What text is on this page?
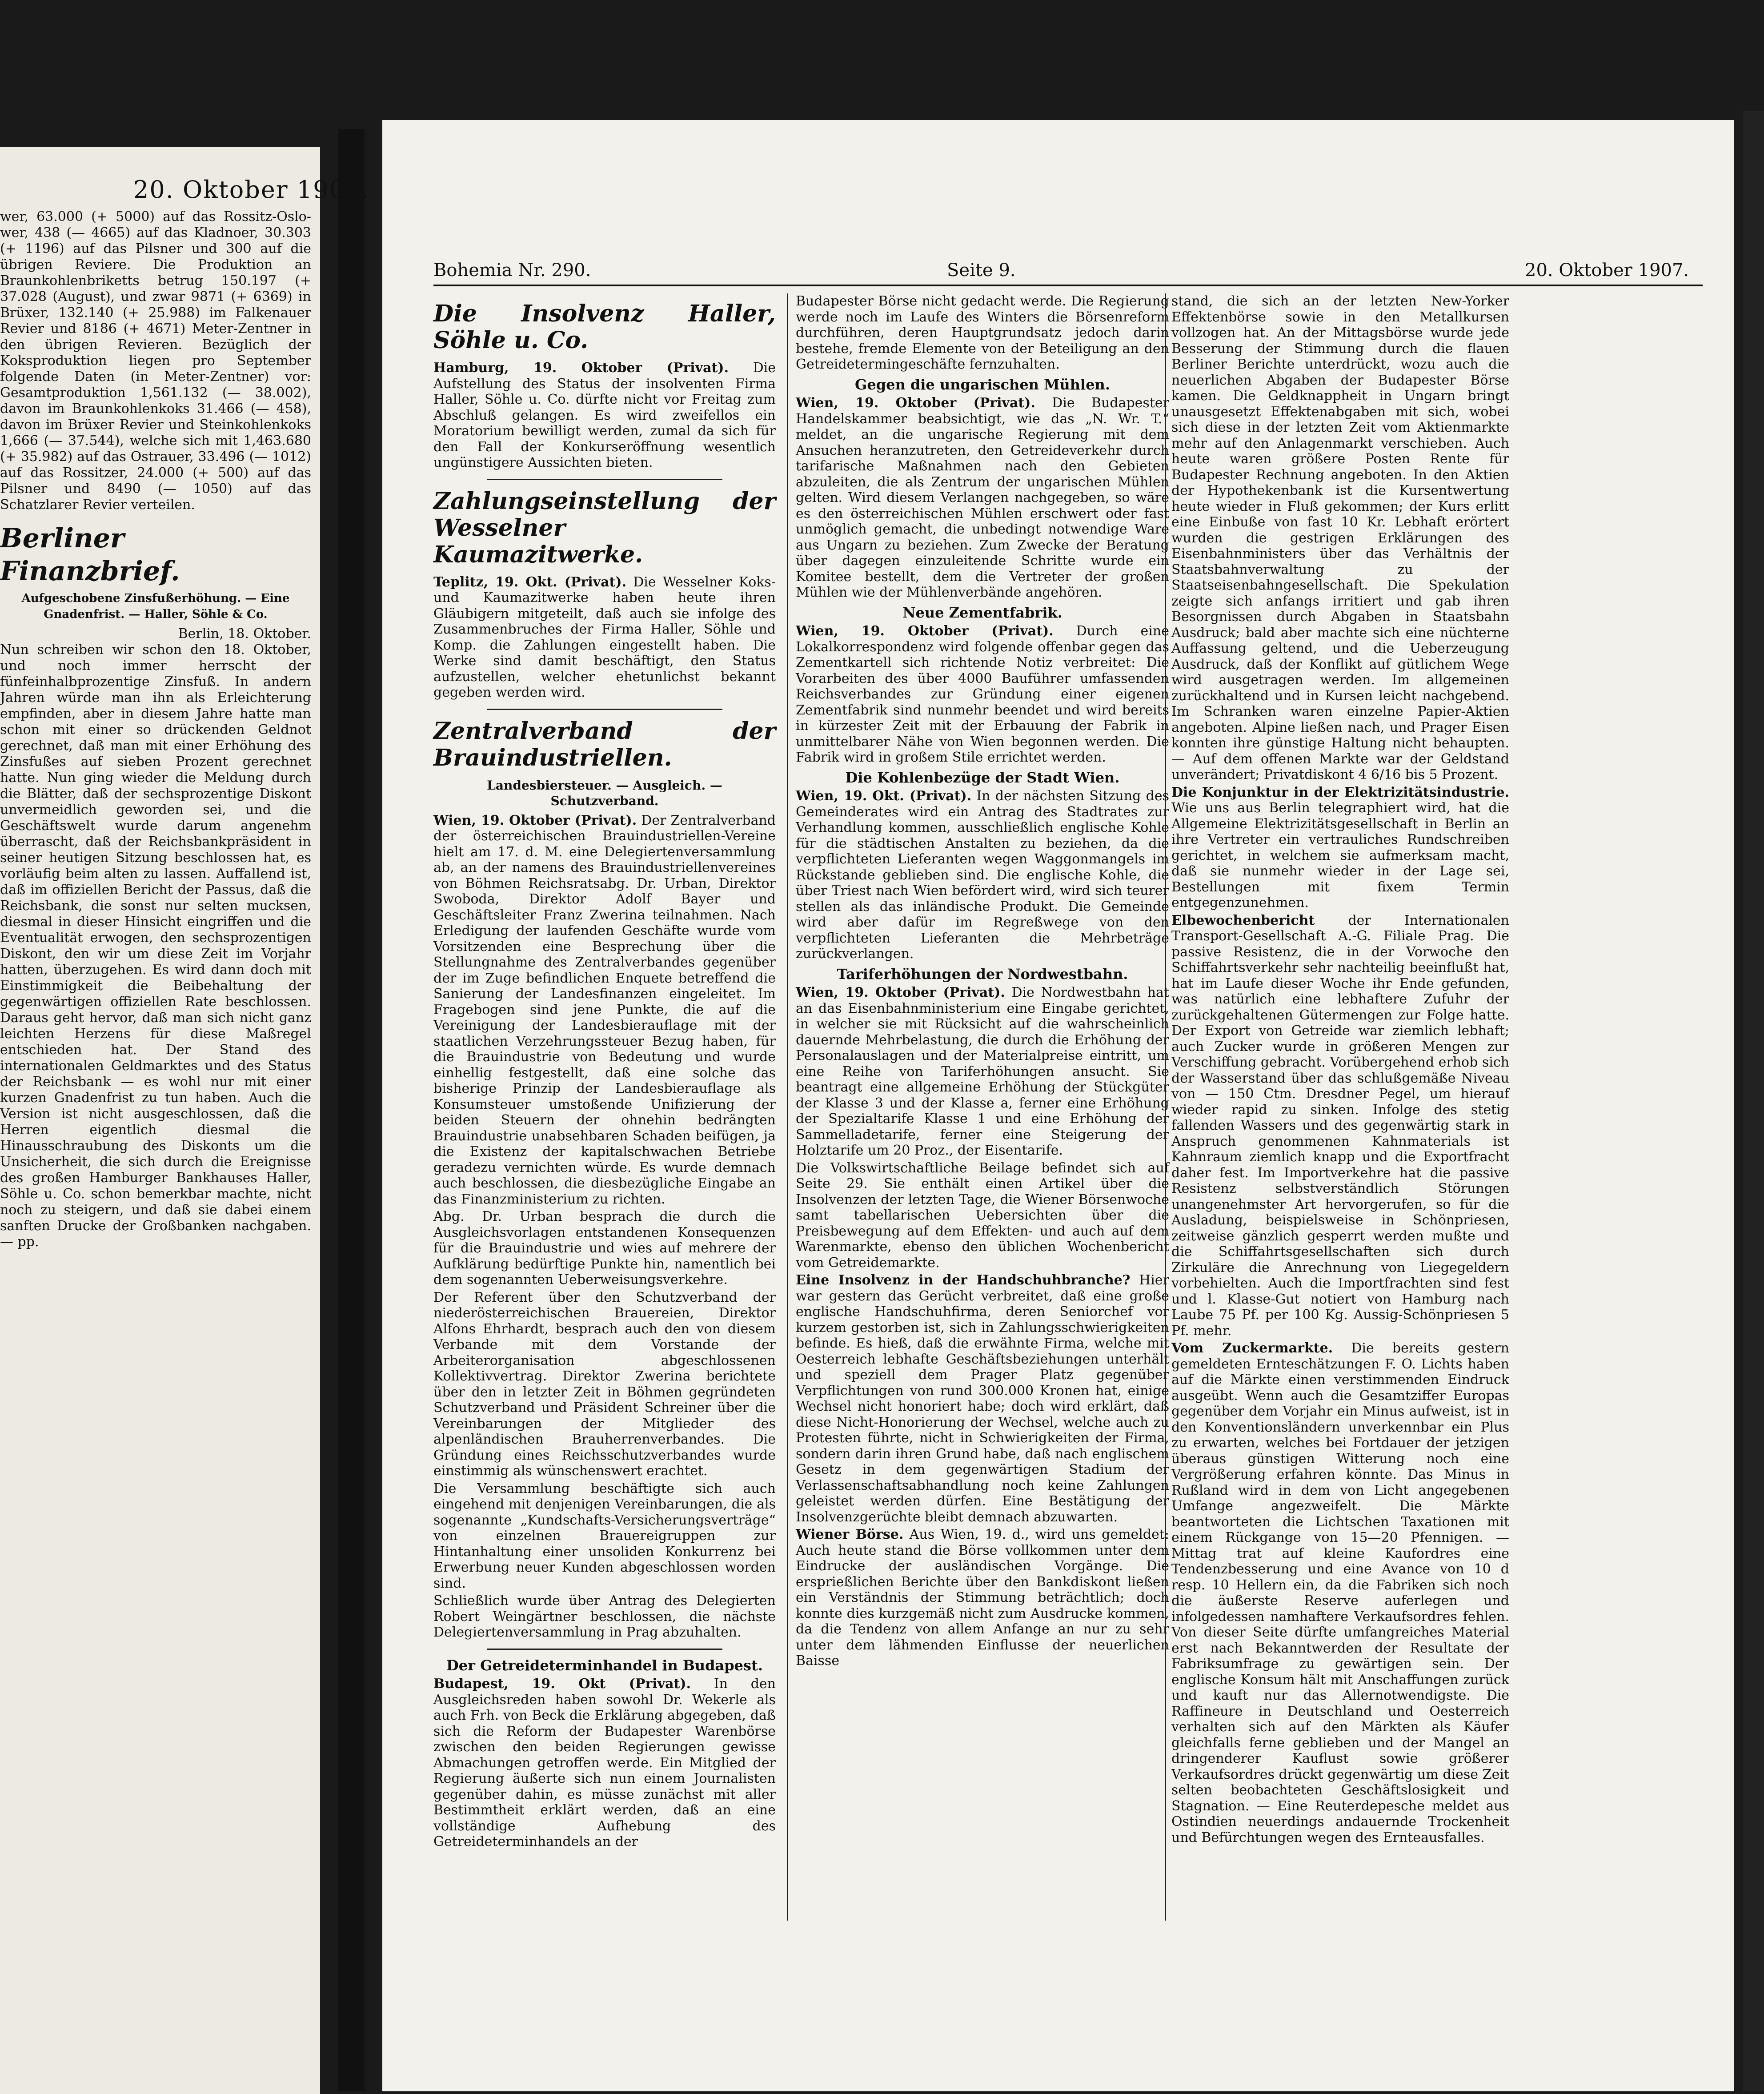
20. Oktober 1907.

wer, 63.000 (+ 5000) auf das Rossitz-Oslo-wer, 438 (— 4665) auf das Kladnoer, 30.303 (+ 1196) auf das Pilsner und 300 auf die übrigen Reviere. Die Produktion an Braunkohlenbriketts betrug 150.197 (+ 37.028 (August), und zwar 9871 (+ 6369) in Brüxer, 132.140 (+ 25.988) im Falkenauer Revier und 8186 (+ 4671) Meter-Zentner in den übrigen Revieren. Bezüglich der Koksproduktion liegen pro September folgende Daten (in Meter-Zentner) vor: Gesamtproduktion 1,561.132 (— 38.002), davon im Braunkohlenkoks 31.466 (— 458), davon im Brüxer Revier und Steinkohlenkoks 1,666 (— 37.544), welche sich mit 1,463.680 (+ 35.982) auf das Ostrauer, 33.496 (— 1012) auf das Rossitzer, 24.000 (+ 500) auf das Pilsner und 8490 (— 1050) auf das Schatzlarer Revier verteilen.

Berliner Finanzbrief.
Aufgeschobene Zinsfußerhöhung. — Eine Gnadenfrist. — Haller, Söhle & Co.
Berlin, 18. Oktober.

Nun schreiben wir schon den 18. Oktober, und noch immer herrscht der fünfeinhalbprozentige Zinsfuß. In andern Jahren würde man ihn als Erleichterung empfinden, aber in diesem Jahre hatte man schon mit einer so drückenden Geldnot gerechnet, daß man mit einer Erhöhung des Zinsfußes auf sieben Prozent gerechnet hatte. Nun ging wieder die Meldung durch die Blätter, daß der sechsprozentige Diskont unvermeidlich geworden sei, und die Geschäftswelt wurde darum angenehm überrascht, daß der Reichsbankpräsident in seiner heutigen Sitzung beschlossen hat, es vorläufig beim alten zu lassen. Auffallend ist, daß im offiziellen Bericht der Passus, daß die Reichsbank, die sonst nur selten mucksen, diesmal in dieser Hinsicht eingriffen und die Eventualität erwogen, den sechsprozentigen Diskont, den wir um diese Zeit im Vorjahr hatten, überzugehen. Es wird dann doch mit Einstimmigkeit die Beibehaltung der gegenwärtigen offiziellen Rate beschlossen. Daraus geht hervor, daß man sich nicht ganz leichten Herzens für diese Maßregel entschieden hat. Der Stand des internationalen Geldmarktes und des Status der Reichsbank — es wohl nur mit einer kurzen Gnadenfrist zu tun haben. Auch die Version ist nicht ausgeschlossen, daß die Herren eigentlich diesmal die Hinausschraubung des Diskonts um die Unsicherheit, die sich durch die Ereignisse des großen Hamburger Bankhauses Haller, Söhle u. Co. schon bemerkbar machte, nicht noch zu steigern, und daß sie dabei einem sanften Drucke der Großbanken nachgaben. — pp.

Bohemia Nr. 290.	Seite 9.	20. Oktober 1907.
Die Insolvenz Haller, Söhle u. Co.

Hamburg, 19. Oktober (Privat). Die Aufstellung des Status der insolventen Firma Haller, Söhle u. Co. dürfte nicht vor Freitag zum Abschluß gelangen. Es wird zweifellos ein Moratorium bewilligt werden, zumal da sich für den Fall der Konkurseröffnung wesentlich ungünstigere Aussichten bieten.

Zahlungseinstellung der Wesselner Kaumazitwerke.

Teplitz, 19. Okt. (Privat). Die Wesselner Koks- und Kaumazitwerke haben heute ihren Gläubigern mitgeteilt, daß auch sie infolge des Zusammenbruches der Firma Haller, Söhle und Komp. die Zahlungen eingestellt haben. Die Werke sind damit beschäftigt, den Status aufzustellen, welcher ehetunlichst bekannt gegeben werden wird.

Zentralverband der Brauindustriellen.
Landesbiersteuer. — Ausgleich. — Schutzverband.

Wien, 19. Oktober (Privat). Der Zentralverband der österreichischen Brauindustriellen-Vereine hielt am 17. d. M. eine Delegiertenversammlung ab, an der namens des Brauindustriellenvereines von Böhmen Reichsratsabg. Dr. Urban, Direktor Swoboda, Direktor Adolf Bayer und Geschäftsleiter Franz Zwerina teilnahmen. Nach Erledigung der laufenden Geschäfte wurde vom Vorsitzenden eine Besprechung über die Stellungnahme des Zentralverbandes gegenüber der im Zuge befindlichen Enquete betreffend die Sanierung der Landesfinanzen eingeleitet. Im Fragebogen sind jene Punkte, die auf die Vereinigung der Landesbierauflage mit der staatlichen Verzehrungssteuer Bezug haben, für die Brauindustrie von Bedeutung und wurde einhellig festgestellt, daß eine solche das bisherige Prinzip der Landesbierauflage als Konsumsteuer umstoßende Unifizierung der beiden Steuern der ohnehin bedrängten Brauindustrie unabsehbaren Schaden beifügen, ja die Existenz der kapitalschwachen Betriebe geradezu vernichten würde. Es wurde demnach auch beschlossen, die diesbezügliche Eingabe an das Finanzministerium zu richten.

Abg. Dr. Urban besprach die durch die Ausgleichsvorlagen entstandenen Konsequenzen für die Brauindustrie und wies auf mehrere der Aufklärung bedürftige Punkte hin, namentlich bei dem sogenannten Ueberweisungsverkehre.

Der Referent über den Schutzverband der niederösterreichischen Brauereien, Direktor Alfons Ehrhardt, besprach auch den von diesem Verbande mit dem Vorstande der Arbeiterorganisation abgeschlossenen Kollektivvertrag. Direktor Zwerina berichtete über den in letzter Zeit in Böhmen gegründeten Schutzverband und Präsident Schreiner über die Vereinbarungen der Mitglieder des alpenländischen Brauherrenverbandes. Die Gründung eines Reichsschutzverbandes wurde einstimmig als wünschenswert erachtet.

Die Versammlung beschäftigte sich auch eingehend mit denjenigen Vereinbarungen, die als sogenannte „Kundschafts-Versicherungsverträge“ von einzelnen Brauereigruppen zur Hintanhaltung einer unsoliden Konkurrenz bei Erwerbung neuer Kunden abgeschlossen worden sind.

Schließlich wurde über Antrag des Delegierten Robert Weingärtner beschlossen, die nächste Delegiertenversammlung in Prag abzuhalten.

Der Getreideterminhandel in Budapest.

Budapest, 19. Okt (Privat). In den Ausgleichsreden haben sowohl Dr. Wekerle als auch Frh. von Beck die Erklärung abgegeben, daß sich die Reform der Budapester Warenbörse zwischen den beiden Regierungen gewisse Abmachungen getroffen werde. Ein Mitglied der Regierung äußerte sich nun einem Journalisten gegenüber dahin, es müsse zunächst mit aller Bestimmtheit erklärt werden, daß an eine vollständige Aufhebung des Getreideterminhandels an der

Budapester Börse nicht gedacht werde. Die Regierung werde noch im Laufe des Winters die Börsenreform durchführen, deren Hauptgrundsatz jedoch darin bestehe, fremde Elemente von der Beteiligung an den Getreidetermingeschäfte fernzuhalten.

Gegen die ungarischen Mühlen.

Wien, 19. Oktober (Privat). Die Budapester Handelskammer beabsichtigt, wie das „N. Wr. T.“ meldet, an die ungarische Regierung mit dem Ansuchen heranzutreten, den Getreideverkehr durch tarifarische Maßnahmen nach den Gebieten abzuleiten, die als Zentrum der ungarischen Mühlen gelten. Wird diesem Verlangen nachgegeben, so wäre es den österreichischen Mühlen erschwert oder fast unmöglich gemacht, die unbedingt notwendige Ware aus Ungarn zu beziehen. Zum Zwecke der Beratung über dagegen einzuleitende Schritte wurde ein Komitee bestellt, dem die Vertreter der großen Mühlen wie der Mühlenverbände angehören.

Neue Zementfabrik.

Wien, 19. Oktober (Privat). Durch eine Lokalkorrespondenz wird folgende offenbar gegen das Zementkartell sich richtende Notiz verbreitet: Die Vorarbeiten des über 4000 Bauführer umfassenden Reichsverbandes zur Gründung einer eigenen Zementfabrik sind nunmehr beendet und wird bereits in kürzester Zeit mit der Erbauung der Fabrik in unmittelbarer Nähe von Wien begonnen werden. Die Fabrik wird in großem Stile errichtet werden.

Die Kohlenbezüge der Stadt Wien.

Wien, 19. Okt. (Privat). In der nächsten Sitzung des Gemeinderates wird ein Antrag des Stadtrates zur Verhandlung kommen, ausschließlich englische Kohle für die städtischen Anstalten zu beziehen, da die verpflichteten Lieferanten wegen Waggonmangels im Rückstande geblieben sind. Die englische Kohle, die über Triest nach Wien befördert wird, wird sich teurer stellen als das inländische Produkt. Die Gemeinde wird aber dafür im Regreßwege von den verpflichteten Lieferanten die Mehrbeträge zurückverlangen.

Tariferhöhungen der Nordwestbahn.

Wien, 19. Oktober (Privat). Die Nordwestbahn hat an das Eisenbahnministerium eine Eingabe gerichtet, in welcher sie mit Rücksicht auf die wahrscheinlich dauernde Mehrbelastung, die durch die Erhöhung der Personalauslagen und der Materialpreise eintritt, um eine Reihe von Tariferhöhungen ansucht. Sie beantragt eine allgemeine Erhöhung der Stückgüter der Klasse 3 und der Klasse a, ferner eine Erhöhung der Spezialtarife Klasse 1 und eine Erhöhung der Sammelladetarife, ferner eine Steigerung der Holztarife um 20 Proz., der Eisentarife.

Die Volkswirtschaftliche Beilage befindet sich auf Seite 29. Sie enthält einen Artikel über die Insolvenzen der letzten Tage, die Wiener Börsenwoche samt tabellarischen Uebersichten über die Preisbewegung auf dem Effekten- und auch auf dem Warenmarkte, ebenso den üblichen Wochenbericht vom Getreidemarkte.

Eine Insolvenz in der Handschuhbranche? Hier war gestern das Gerücht verbreitet, daß eine große englische Handschuhfirma, deren Seniorchef vor kurzem gestorben ist, sich in Zahlungsschwierigkeiten befinde. Es hieß, daß die erwähnte Firma, welche mit Oesterreich lebhafte Geschäftsbeziehungen unterhält und speziell dem Prager Platz gegenüber Verpflichtungen von rund 300.000 Kronen hat, einige Wechsel nicht honoriert habe; doch wird erklärt, daß diese Nicht-Honorierung der Wechsel, welche auch zu Protesten führte, nicht in Schwierigkeiten der Firma, sondern darin ihren Grund habe, daß nach englischem Gesetz in dem gegenwärtigen Stadium der Verlassenschaftsabhandlung noch keine Zahlungen geleistet werden dürfen. Eine Bestätigung der Insolvenzgerüchte bleibt demnach abzuwarten.

Wiener Börse. Aus Wien, 19. d., wird uns gemeldet: Auch heute stand die Börse vollkommen unter dem Eindrucke der ausländischen Vorgänge. Die ersprießlichen Berichte über den Bankdiskont ließen ein Verständnis der Stimmung beträchtlich; doch konnte dies kurzgemäß nicht zum Ausdrucke kommen, da die Tendenz von allem Anfange an nur zu sehr unter dem lähmenden Einflusse der neuerlichen Baisse

stand, die sich an der letzten New-Yorker Effektenbörse sowie in den Metallkursen vollzogen hat. An der Mittagsbörse wurde jede Besserung der Stimmung durch die flauen Berliner Berichte unterdrückt, wozu auch die neuerlichen Abgaben der Budapester Börse kamen. Die Geldknappheit in Ungarn bringt unausgesetzt Effektenabgaben mit sich, wobei sich diese in der letzten Zeit vom Aktienmarkte mehr auf den Anlagenmarkt verschieben. Auch heute waren größere Posten Rente für Budapester Rechnung angeboten. In den Aktien der Hypothekenbank ist die Kursentwertung heute wieder in Fluß gekommen; der Kurs erlitt eine Einbuße von fast 10 Kr. Lebhaft erörtert wurden die gestrigen Erklärungen des Eisenbahnministers über das Verhältnis der Staatsbahnverwaltung zu der Staatseisenbahngesellschaft. Die Spekulation zeigte sich anfangs irritiert und gab ihren Besorgnissen durch Abgaben in Staatsbahn Ausdruck; bald aber machte sich eine nüchterne Auffassung geltend, und die Ueberzeugung Ausdruck, daß der Konflikt auf gütlichem Wege wird ausgetragen werden. Im allgemeinen zurückhaltend und in Kursen leicht nachgebend. Im Schranken waren einzelne Papier-Aktien angeboten. Alpine ließen nach, und Prager Eisen konnten ihre günstige Haltung nicht behaupten. — Auf dem offenen Markte war der Geldstand unverändert; Privatdiskont 4 6/16 bis 5 Prozent.

Die Konjunktur in der Elektrizitätsindustrie. Wie uns aus Berlin telegraphiert wird, hat die Allgemeine Elektrizitätsgesellschaft in Berlin an ihre Vertreter ein vertrauliches Rundschreiben gerichtet, in welchem sie aufmerksam macht, daß sie nunmehr wieder in der Lage sei, Bestellungen mit fixem Termin entgegenzunehmen.

Elbewochenbericht	der Internationalen Transport-Gesellschaft A.-G. Filiale Prag. Die passive Resistenz, die in der Vorwoche den Schiffahrtsverkehr sehr nachteilig beeinflußt hat, hat im Laufe dieser Woche ihr Ende gefunden, was natürlich eine lebhaftere Zufuhr der zurückgehaltenen Gütermengen zur Folge hatte. Der Export von Getreide war ziemlich lebhaft; auch Zucker wurde in größeren Mengen zur Verschiffung gebracht. Vorübergehend erhob sich der Wasserstand über das schlußgemäße Niveau von — 150 Ctm. Dresdner Pegel, um hierauf wieder rapid zu sinken. Infolge des stetig fallenden Wassers und des gegenwärtig stark in Anspruch genommenen Kahnmaterials ist Kahnraum ziemlich knapp und die Exportfracht daher fest. Im Importverkehre hat die passive Resistenz selbstverständlich Störungen unangenehmster Art hervorgerufen, so für die Ausladung, beispielsweise in Schönpriesen, zeitweise gänzlich gesperrt werden mußte und die Schiffahrtsgesellschaften sich durch Zirkuläre die Anrechnung von Liegegeldern vorbehielten. Auch die Importfrachten sind fest und l. Klasse-Gut notiert von Hamburg nach Laube 75 Pf. per 100 Kg. Aussig-Schönpriesen 5 Pf. mehr.

Vom Zuckermarkte. Die bereits gestern gemeldeten Ernteschätzungen F. O. Lichts haben auf die Märkte einen verstimmenden Eindruck ausgeübt. Wenn auch die Gesamtziffer Europas gegenüber dem Vorjahr ein Minus aufweist, ist in den Konventionsländern unverkennbar ein Plus zu erwarten, welches bei Fortdauer der jetzigen überaus günstigen Witterung noch eine Vergrößerung erfahren könnte. Das Minus in Rußland wird in dem von Licht angegebenen Umfange angezweifelt. Die Märkte beantworteten die Lichtschen Taxationen mit einem Rückgange von 15—20 Pfennigen. — Mittag trat auf kleine Kaufordres eine Tendenzbesserung und eine Avance von 10 d resp. 10 Hellern ein, da die Fabriken sich noch die äußerste Reserve auferlegen und infolgedessen namhaftere Verkaufsordres fehlen. Von dieser Seite dürfte umfangreiches Material erst nach Bekanntwerden der Resultate der Fabriksumfrage zu gewärtigen sein. Der englische Konsum hält mit Anschaffungen zurück und kauft nur das Allernotwendigste. Die Raffineure in Deutschland und Oesterreich verhalten sich auf den Märkten als Käufer gleichfalls ferne geblieben und der Mangel an dringenderer Kauflust sowie größerer Verkaufsordres drückt gegenwärtig um diese Zeit selten beobachteten Geschäftslosigkeit und Stagnation. — Eine Reuterdepesche meldet aus Ostindien neuerdings andauernde Trockenheit und Befürchtungen wegen des Ernteausfalles.
